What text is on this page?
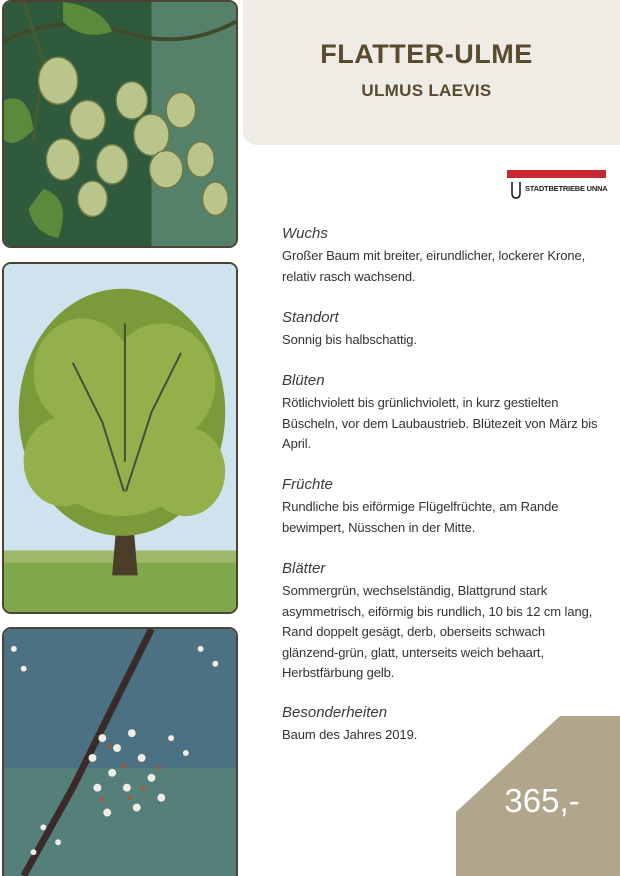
FLATTER-ULME
ULMUS LAEVIS
STADTBETRIEBE UNNA
Wuchs

Großer Baum mit breiter, eirundlicher, lockerer Krone, relativ rasch wachsend.

Standort

Sonnig bis halbschattig.

Blüten

Rötlichviolett bis grünlichviolett, in kurz gestielten Büscheln, vor dem Laubaustrieb. Blütezeit von März bis April.

Früchte

Rundliche bis eiförmige Flügelfrüchte, am Rande bewimpert, Nüsschen in der Mitte.

Blätter

Sommergrün, wechselständig, Blattgrund stark asymmetrisch, eiförmig bis rundlich, 10 bis 12 cm lang, Rand doppelt gesägt, derb, oberseits schwach glänzend-grün, glatt, unterseits weich behaart, Herbstfärbung gelb.

Besonderheiten

Baum des Jahres 2019.

365,-
